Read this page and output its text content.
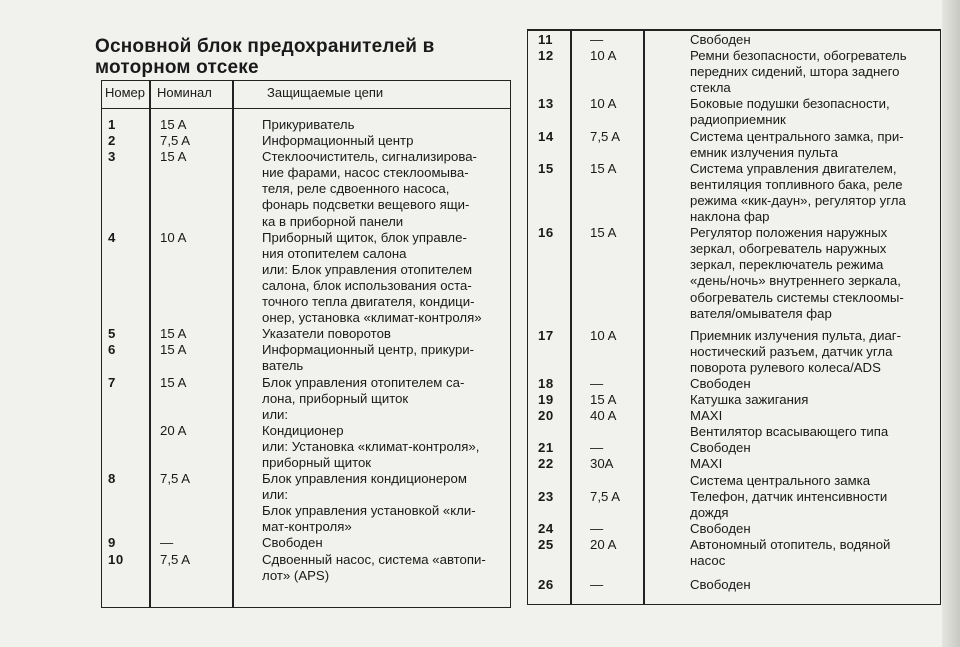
Основной блок предохранителей в
моторном отсеке
Номер Номинал	Защищаемые цепи
1	15 A	Прикуриватель
2	7,5 A	Информационный центр
3	15 A	Стеклоочиститель, сигнализирова-
ние фарами, насос стеклоомыва-
теля, реле сдвоенного насоса,
фонарь подсветки вещевого ящи-
ка в приборной панели
4	10 A	Приборный щиток, блок управле-
ния отопителем салона
или: Блок управления отопителем
салона, блок использования оста-
точного тепла двигателя, кондици-
онер, установка «климат-контроля»
5	15 A	Указатели поворотов
6	15 A	Информационный центр, прикури-
ватель
7	15 A	Блок управления отопителем са-
лона, приборный щиток
или:
20 A	Кондиционер
или: Установка «климат-контроля»,
приборный щиток
8	7,5 A	Блок управления кондиционером
или:
Блок управления установкой «кли-
мат-контроля»
9	—	Свободен
10	7,5 A	Сдвоенный насос, система «автопи-
лот» (APS)
11	—	Свободен
12	10 A	Ремни безопасности, обогреватель
передних сидений, штора заднего
стекла
13	10 A	Боковые подушки безопасности,
радиоприемник
14	7,5 A	Система центрального замка, при-
емник излучения пульта
15	15 A	Система управления двигателем,
вентиляция топливного бака, реле
режима «кик-даун», регулятор угла
наклона фар
16	15 A	Регулятор положения наружных
зеркал, обогреватель наружных
зеркал, переключатель режима
«день/ночь» внутреннего зеркала,
обогреватель системы стеклоомы-
вателя/омывателя фар
17	10 A	Приемник излучения пульта, диаг-
ностический разъем, датчик угла
поворота рулевого колеса/ADS
18	—	Свободен
19	15 A	Катушка зажигания
20	40 A	MAXI
Вентилятор всасывающего типа
21	—	Свободен
22	30A	MAXI
Система центрального замка
23	7,5 A	Телефон, датчик интенсивности
дождя
24	—	Свободен
25	20 A	Автономный отопитель, водяной
насос
26	—	Свободен
